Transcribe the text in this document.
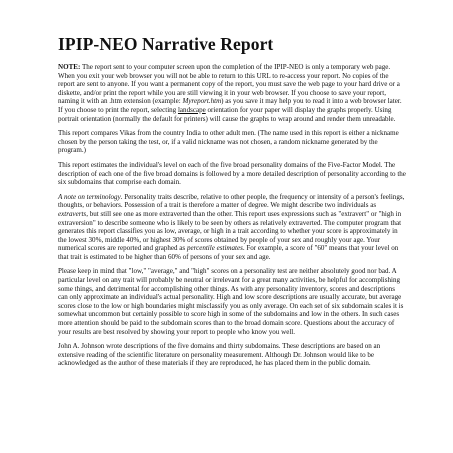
IPIP-NEO Narrative Report

NOTE: The report sent to your computer screen upon the completion of the IPIP-NEO is only a temporary web page. When you exit your web browser you will not be able to return to this URL to re-access your report. No copies of the report are sent to anyone. If you want a permanent copy of the report, you must save the web page to your hard drive or a diskette, and/or print the report while you are still viewing it in your web browser. If you choose to save your report, naming it with an .htm extension (example: Myreport.htm) as you save it may help you to read it into a web browser later. If you choose to print the report, selecting landscape orientation for your paper will display the graphs properly. Using portrait orientation (normally the default for printers) will cause the graphs to wrap around and render them unreadable.

This report compares Vikas from the country India to other adult men. (The name used in this report is either a nickname chosen by the person taking the test, or, if a valid nickname was not chosen, a random nickname generated by the program.)

This report estimates the individual's level on each of the five broad personality domains of the Five-Factor Model. The description of each one of the five broad domains is followed by a more detailed description of personality according to the six subdomains that comprise each domain.

A note on terminology. Personality traits describe, relative to other people, the frequency or intensity of a person's feelings, thoughts, or behaviors. Possession of a trait is therefore a matter of degree. We might describe two individuals as extraverts, but still see one as more extraverted than the other. This report uses expressions such as "extravert" or "high in extraversion" to describe someone who is likely to be seen by others as relatively extraverted. The computer program that generates this report classifies you as low, average, or high in a trait according to whether your score is approximately in the lowest 30%, middle 40%, or highest 30% of scores obtained by people of your sex and roughly your age. Your numerical scores are reported and graphed as percentile estimates. For example, a score of "60" means that your level on that trait is estimated to be higher than 60% of persons of your sex and age.

Please keep in mind that "low," "average," and "high" scores on a personality test are neither absolutely good nor bad. A particular level on any trait will probably be neutral or irrelevant for a great many activities, be helpful for accomplishing some things, and detrimental for accomplishing other things. As with any personality inventory, scores and descriptions can only approximate an individual's actual personality. High and low score descriptions are usually accurate, but average scores close to the low or high boundaries might misclassify you as only average. On each set of six subdomain scales it is somewhat uncommon but certainly possible to score high in some of the subdomains and low in the others. In such cases more attention should be paid to the subdomain scores than to the broad domain score. Questions about the accuracy of your results are best resolved by showing your report to people who know you well.

John A. Johnson wrote descriptions of the five domains and thirty subdomains. These descriptions are based on an extensive reading of the scientific literature on personality measurement. Although Dr. Johnson would like to be acknowledged as the author of these materials if they are reproduced, he has placed them in the public domain.
